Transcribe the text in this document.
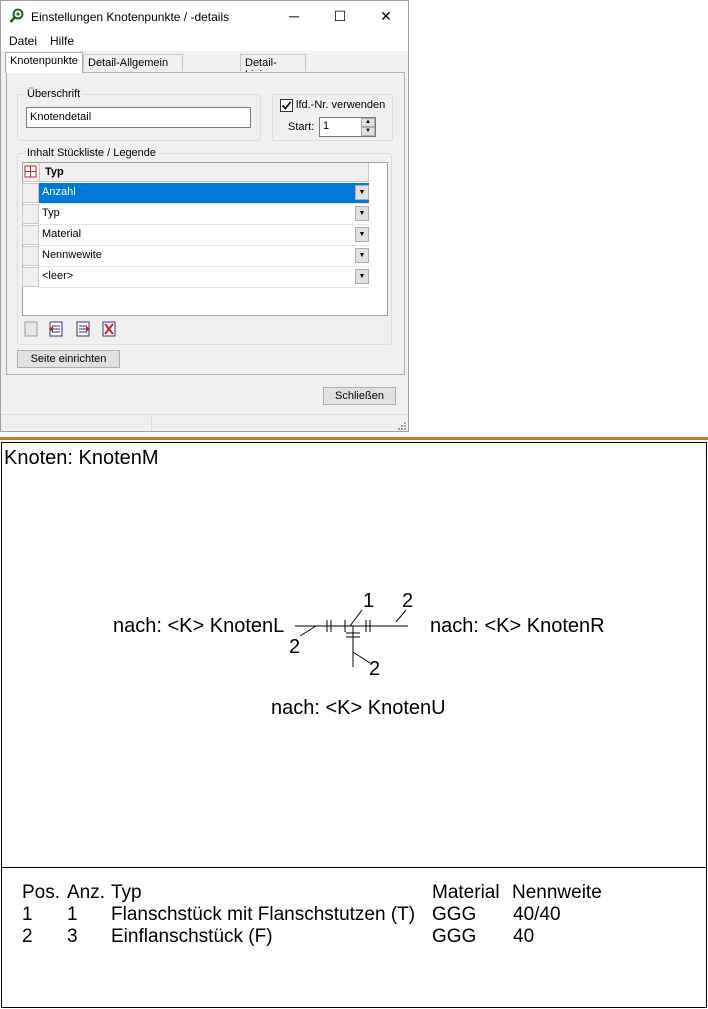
Einstellungen Knotenpunkte / -details	─	☐	✕
Datei Hilfe
Knotenpunkte Detail-Allgemein	Detail-
Überschrift
Knotendetail
lfd.-Nr. verwenden
Start: 1	▲
▼
Inhalt Stückliste / Legende
Typ
Anzahl	▼
Typ	▼
Material	▼
Nennwewite	▼
<leer>	▼
Seite einrichten
Schließen
Knoten: KnotenM
nach: <K> KnotenL	nach: <K> KnotenR
nach: <K> KnotenU
1 2
2
2
Pos. Anz. Typ	Material Nennweite
1 1 Flanschstück mit Flanschstutzen (T) GGG 40/40
2 3 Einflanschstück (F)	GGG 40
